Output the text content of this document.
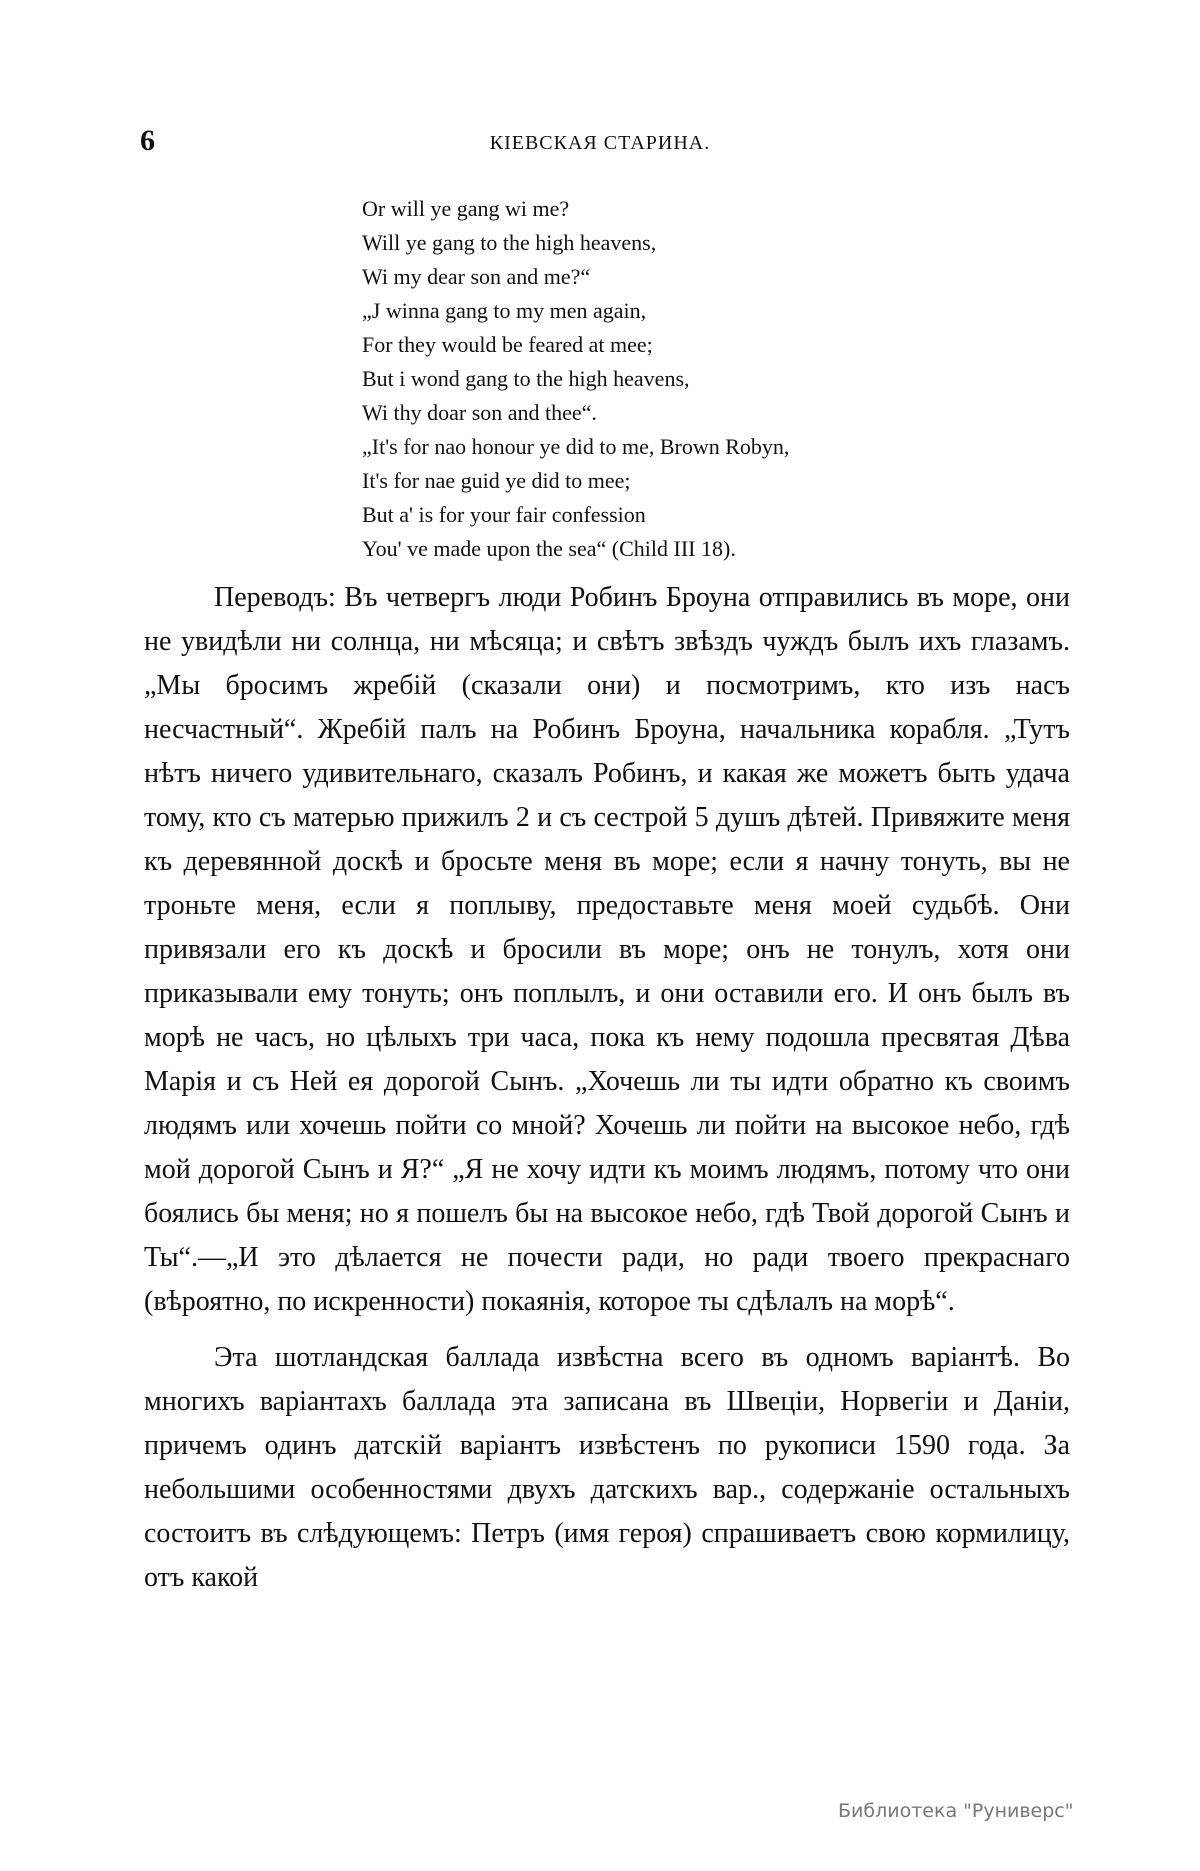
6	КІЕВСКАЯ СТАРИНА.
Or will ye gang wi me?
Will ye gang to the high heavens,
Wi my dear son and me?“
„J winna gang to my men again,
For they would be feared at mee;
But i wond gang to the high heavens,
Wi thy doar son and thee“.
„It's for nao honour ye did to me, Brown Robyn,
It's for nae guid ye did to mee;
But a' is for your fair confession
You' ve made upon the sea“ (Child III 18).

Переводъ: Въ четвергъ люди Робинъ Броуна отправились въ море, они не увидѣли ни солнца, ни мѣсяца; и свѣтъ звѣздъ чуждъ былъ ихъ глазамъ. „Мы бросимъ жребій (сказали они) и посмотримъ, кто изъ насъ несчастный“. Жребій палъ на Робинъ Броуна, начальника корабля. „Тутъ нѣтъ ничего удивительнаго, сказалъ Робинъ, и какая же можетъ быть удача тому, кто съ матерью прижилъ 2 и съ сестрой 5 душъ дѣтей. Привяжите меня къ деревянной доскѣ и бросьте меня въ море; если я начну тонуть, вы не троньте меня, если я поплыву, предоставьте меня моей судьбѣ. Они привязали его къ доскѣ и бросили въ море; онъ не тонулъ, хотя они приказывали ему тонуть; онъ поплылъ, и они оставили его. И онъ былъ въ морѣ не часъ, но цѣлыхъ три часа, пока къ нему подошла пресвятая Дѣва Марія и съ Ней ея дорогой Сынъ. „Хочешь ли ты идти обратно къ своимъ людямъ или хочешь пойти со мной? Хочешь ли пойти на высокое небо, гдѣ мой дорогой Сынъ и Я?“ „Я не хочу идти къ моимъ людямъ, потому что они боялись бы меня; но я пошелъ бы на высокое небо, гдѣ Твой дорогой Сынъ и Ты“.—„И это дѣлается не почести ради, но ради твоего прекраснаго (вѣроятно, по искренности) покаянія, которое ты сдѣлалъ на морѣ“.

Эта шотландская баллада извѣстна всего въ одномъ варіантѣ. Во многихъ варіантахъ баллада эта записана въ Швеціи, Норвегіи и Даніи, причемъ одинъ датскій варіантъ извѣстенъ по рукописи 1590 года. За небольшими особенностями двухъ датскихъ вар., содержаніе остальныхъ состоитъ въ слѣдующемъ: Петръ (имя героя) спрашиваетъ свою кормилицу, отъ какой

Библиотека "Руниверс"
